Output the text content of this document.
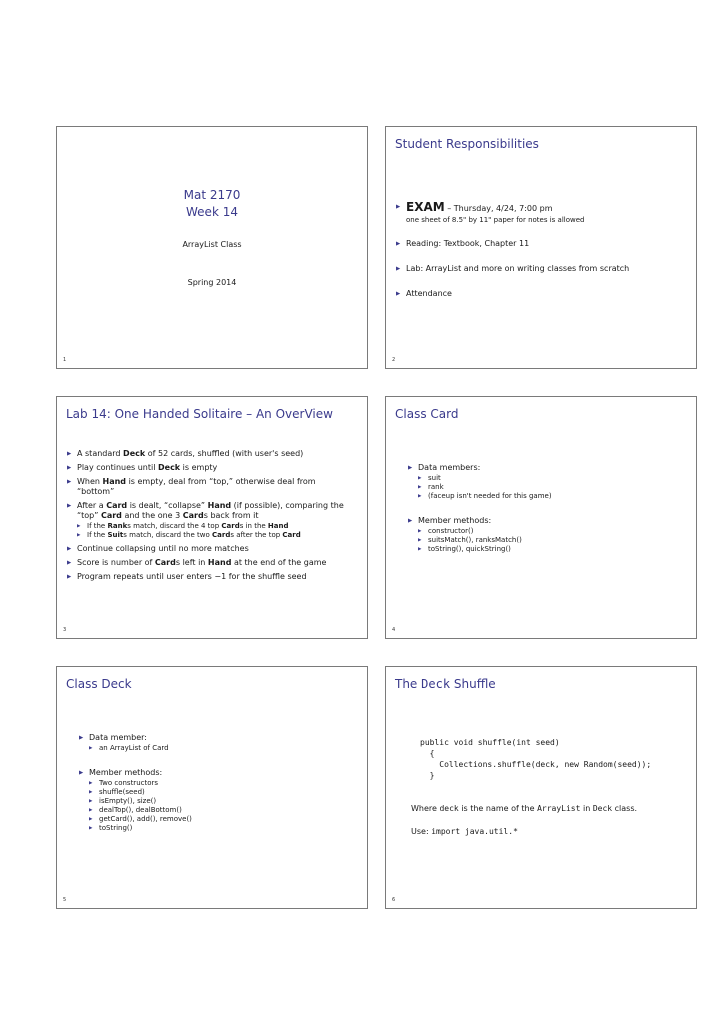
Mat 2170
Week 14
ArrayList Class
Spring 2014
1
Student Responsibilities
▶ EXAM – Thursday, 4/24, 7:00 pm
one sheet of 8.5" by 11" paper for notes is allowed
▶ Reading: Textbook, Chapter 11
▶ Lab: ArrayList and more on writing classes from scratch
▶ Attendance
2
Lab 14: One Handed Solitaire – An OverView
▶ A standard Deck of 52 cards, shuffled (with user's seed)
▶ Play continues until Deck is empty
▶ When Hand is empty, deal from “top,” otherwise deal from “bottom”
▶ After a Card is dealt, “collapse” Hand (if possible), comparing the “top” Card and the one 3 Cards back from it
▶ If the Ranks match, discard the 4 top Cards in the Hand
▶ If the Suits match, discard the two Cards after the top Card
▶ Continue collapsing until no more matches
▶ Score is number of Cards left in Hand at the end of the game
▶ Program repeats until user enters −1 for the shuffle seed
3
Class Card
▶ Data members:
▶ suit
▶ rank
▶ (faceup isn't needed for this game)
▶ Member methods:
▶ constructor()
▶ suitsMatch(), ranksMatch()
▶ toString(), quickString()
4
Class Deck
▶ Data member:
▶ an ArrayList of Card
▶ Member methods:
▶ Two constructors
▶ shuffle(seed)
▶ isEmpty(), size()
▶ dealTop(), dealBottom()
▶ getCard(), add(), remove()
▶ toString()
5
The Deck Shuffle
public void shuffle(int seed)
{
Collections.shuffle(deck, new Random(seed));
}
Where deck is the name of the ArrayList in Deck class.
Use: import java.util.*
6
